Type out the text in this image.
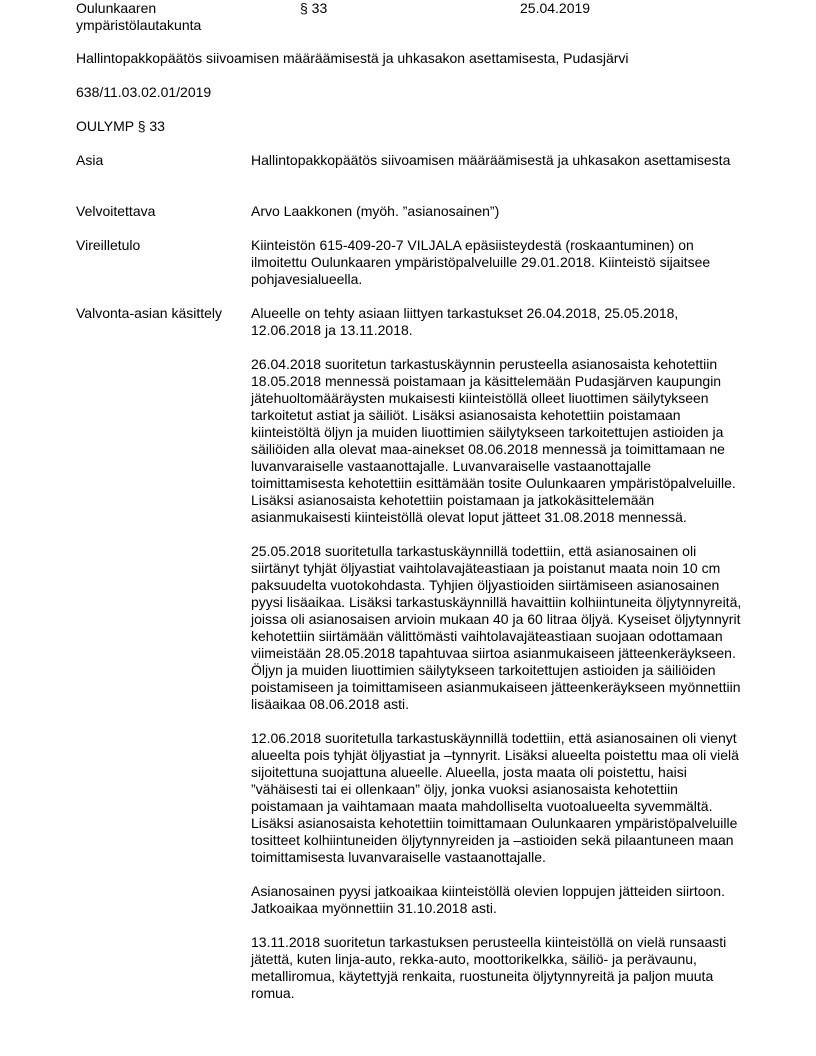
Oulunkaaren ympäristölautakunta
§ 33	25.04.2019
Hallintopakkopäätös siivoamisen määräämisestä ja uhkasakon asettamisesta, Pudasjärvi
638/11.03.02.01/2019
OULYMP § 33
Asia	Hallintopakkopäätös siivoamisen määräämisestä ja uhkasakon asettamisesta
Velvoitettava	Arvo Laakkonen (myöh. ”asianosainen”)
Vireilletulo	Kiinteistön 615-409-20-7 VILJALA epäsiisteydestä (roskaantuminen) on ilmoitettu Oulunkaaren ympäristöpalveluille 29.01.2018. Kiinteistö sijaitsee pohjavesialueella.
Valvonta-asian käsittely	Alueelle on tehty asiaan liittyen tarkastukset 26.04.2018, 25.05.2018, 12.06.2018 ja 13.11.2018.

26.04.2018 suoritetun tarkastuskäynnin perusteella asianosaista kehotettiin 18.05.2018 mennessä poistamaan ja käsittelemään Pudasjärven kaupungin jätehuoltomääräysten mukaisesti kiinteistöllä olleet liuottimen säilytykseen tarkoitetut astiat ja säiliöt. Lisäksi asianosaista kehotettiin poistamaan kiinteistöltä öljyn ja muiden liuottimien säilytykseen tarkoitettujen astioiden ja säiliöiden alla olevat maa-ainekset 08.06.2018 mennessä ja toimittamaan ne luvanvaraiselle vastaanottajalle. Luvanvaraiselle vastaanottajalle toimittamisesta kehotettiin esittämään tosite Oulunkaaren ympäristöpalveluille. Lisäksi asianosaista kehotettiin poistamaan ja jatkokäsittelemään asianmukaisesti kiinteistöllä olevat loput jätteet 31.08.2018 mennessä.

25.05.2018 suoritetulla tarkastuskäynnillä todettiin, että asianosainen oli siirtänyt tyhjät öljyastiat vaihtolavajäteastiaan ja poistanut maata noin 10 cm paksuudelta vuotokohdasta. Tyhjien öljyastioiden siirtämiseen asianosainen pyysi lisäaikaa. Lisäksi tarkastuskäynnillä havaittiin kolhiintuneita öljytynnyreitä, joissa oli asianosaisen arvioin mukaan 40 ja 60 litraa öljyä. Kyseiset öljytynnyrit kehotettiin siirtämään välittömästi vaihtolavajäteastiaan suojaan odottamaan viimeistään 28.05.2018 tapahtuvaa siirtoa asianmukaiseen jätteenkeräykseen. Öljyn ja muiden liuottimien säilytykseen tarkoitettujen astioiden ja säiliöiden poistamiseen ja toimittamiseen asianmukaiseen jätteenkeräykseen myönnettiin lisäaikaa 08.06.2018 asti.

12.06.2018 suoritetulla tarkastuskäynnillä todettiin, että asianosainen oli vienyt alueelta pois tyhjät öljyastiat ja –tynnyrit. Lisäksi alueelta poistettu maa oli vielä sijoitettuna suojattuna alueelle. Alueella, josta maata oli poistettu, haisi ”vähäisesti tai ei ollenkaan” öljy, jonka vuoksi asianosaista kehotettiin poistamaan ja vaihtamaan maata mahdolliselta vuotoalueelta syvemmältä. Lisäksi asianosaista kehotettiin toimittamaan Oulunkaaren ympäristöpalveluille tositteet kolhiintuneiden öljytynnyreiden ja –astioiden sekä pilaantuneen maan toimittamisesta luvanvaraiselle vastaanottajalle.

Asianosainen pyysi jatkoaikaa kiinteistöllä olevien loppujen jätteiden siirtoon. Jatkoaikaa myönnettiin 31.10.2018 asti.

13.11.2018 suoritetun tarkastuksen perusteella kiinteistöllä on vielä runsaasti jätettä, kuten linja-auto, rekka-auto, moottorikelkka, säiliö- ja perävaunu, metalliromua, käytettyjä renkaita, ruostuneita öljytynnyreitä ja paljon muuta romua.
